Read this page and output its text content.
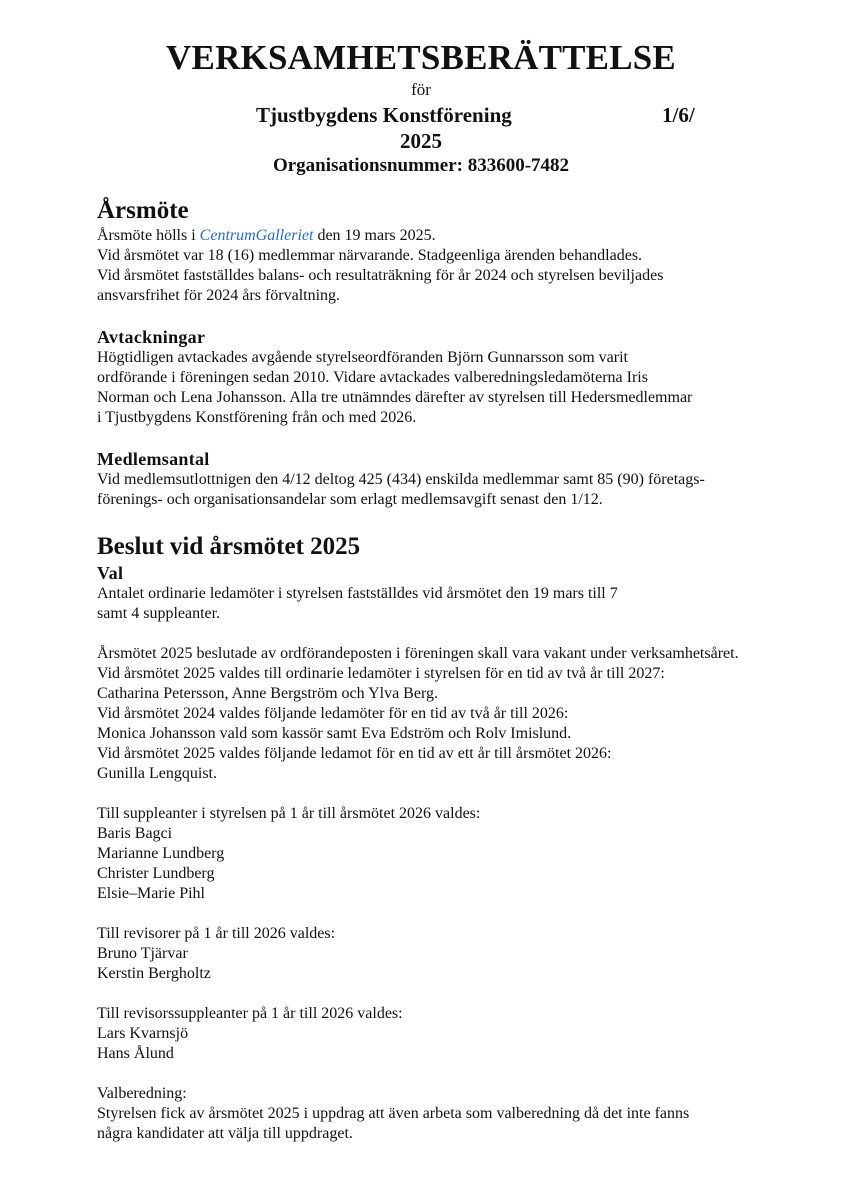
VERKSAMHETSBERÄTTELSE
för
Tjustbygdens Konstförening	1/6/
2025
Organisationsnummer: 833600-7482
Årsmöte

Årsmöte hölls i CentrumGalleriet den 19 mars 2025.

Vid årsmötet var 18 (16) medlemmar närvarande. Stadgeenliga ärenden behandlades.

Vid årsmötet fastställdes balans- och resultaträkning för år 2024 och styrelsen beviljades

ansvarsfrihet för 2024 års förvaltning.

Avtackningar

Högtidligen avtackades avgående styrelseordföranden Björn Gunnarsson som varit

ordförande i föreningen sedan 2010. Vidare avtackades valberedningsledamöterna Iris

Norman och Lena Johansson. Alla tre utnämndes därefter av styrelsen till Hedersmedlemmar

i Tjustbygdens Konstförening från och med 2026.

Medlemsantal

Vid medlemsutlottnigen den 4/12 deltog 425 (434) enskilda medlemmar samt 85 (90) företags-

förenings- och organisationsandelar som erlagt medlemsavgift senast den 1/12.

Beslut vid årsmötet 2025
Val

Antalet ordinarie ledamöter i styrelsen fastställdes vid årsmötet den 19 mars till 7

samt 4 suppleanter.

Årsmötet 2025 beslutade av ordförandeposten i föreningen skall vara vakant under verksamhetsåret.

Vid årsmötet 2025 valdes till ordinarie ledamöter i styrelsen för en tid av två år till 2027:

Catharina Petersson, Anne Bergström och Ylva Berg.

Vid årsmötet 2024 valdes följande ledamöter för en tid av två år till 2026:

Monica Johansson vald som kassör samt Eva Edström och Rolv Imislund.

Vid årsmötet 2025 valdes följande ledamot för en tid av ett år till årsmötet 2026:

Gunilla Lengquist.

Till suppleanter i styrelsen på 1 år till årsmötet 2026 valdes:

Baris Bagci

Marianne Lundberg

Christer Lundberg

Elsie–Marie Pihl

Till revisorer på 1 år till 2026 valdes:

Bruno Tjärvar

Kerstin Bergholtz

Till revisorssuppleanter på 1 år till 2026 valdes:

Lars Kvarnsjö

Hans Ålund

Valberedning:

Styrelsen fick av årsmötet 2025 i uppdrag att även arbeta som valberedning då det inte fanns

några kandidater att välja till uppdraget.
